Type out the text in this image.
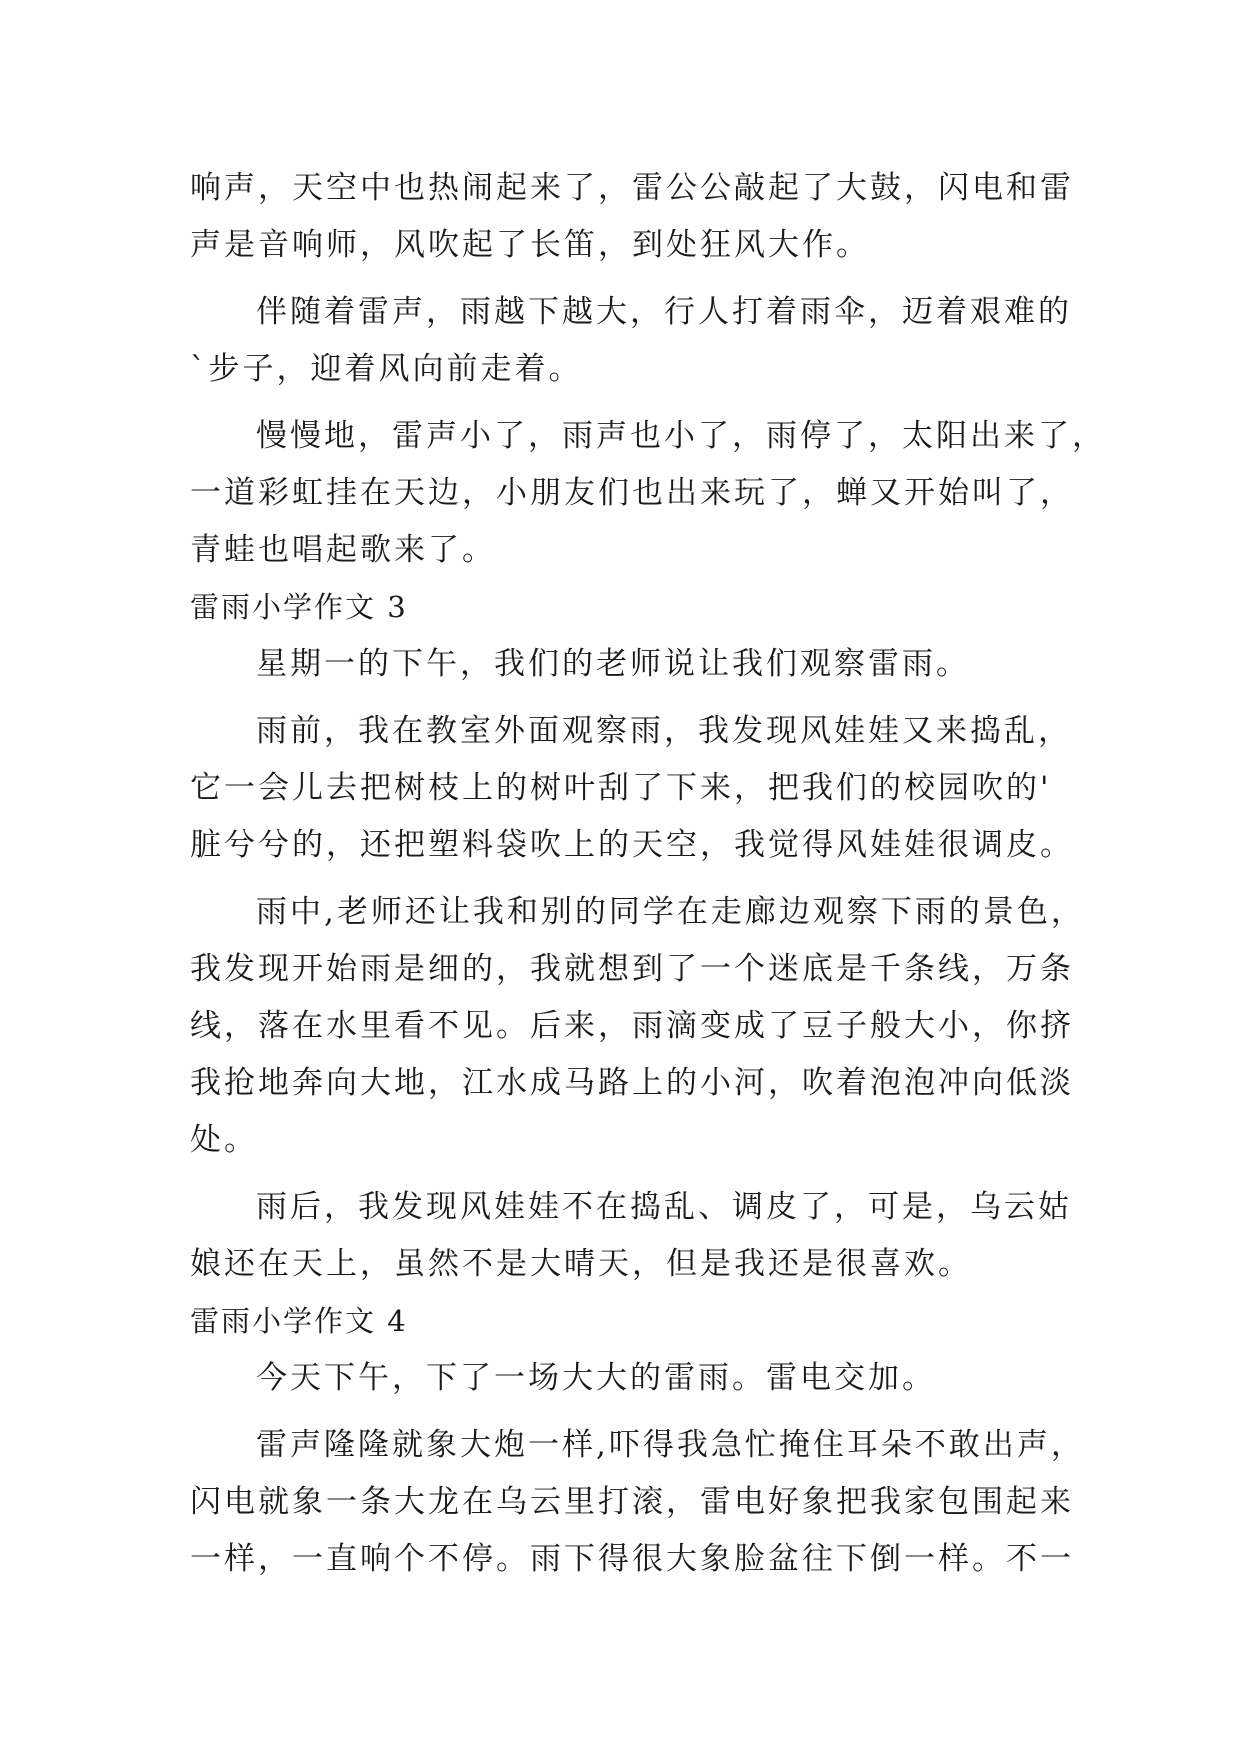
响声，天空中也热闹起来了，雷公公敲起了大鼓，闪电和雷
声是音响师，风吹起了长笛，到处狂风大作。
伴随着雷声，雨越下越大，行人打着雨伞，迈着艰难的
`步子，迎着风向前走着。
慢慢地，雷声小了，雨声也小了，雨停了，太阳出来了，
一道彩虹挂在天边，小朋友们也出来玩了，蝉又开始叫了，
青蛙也唱起歌来了。
雷雨小学作文 3
星期一的下午，我们的老师说让我们观察雷雨。
雨前，我在教室外面观察雨，我发现风娃娃又来捣乱，
它一会儿去把树枝上的树叶刮了下来，把我们的校园吹的'
脏兮兮的，还把塑料袋吹上的天空，我觉得风娃娃很调皮。
雨中,老师还让我和别的同学在走廊边观察下雨的景色，
我发现开始雨是细的，我就想到了一个迷底是千条线，万条
线，落在水里看不见。后来，雨滴变成了豆子般大小，你挤
我抢地奔向大地，江水成马路上的小河，吹着泡泡冲向低淡
处。
雨后，我发现风娃娃不在捣乱、调皮了，可是，乌云姑
娘还在天上，虽然不是大晴天，但是我还是很喜欢。
雷雨小学作文 4
今天下午，下了一场大大的雷雨。雷电交加。
雷声隆隆就象大炮一样,吓得我急忙掩住耳朵不敢出声，
闪电就象一条大龙在乌云里打滚，雷电好象把我家包围起来
一样，一直响个不停。雨下得很大象脸盆往下倒一样。不一
